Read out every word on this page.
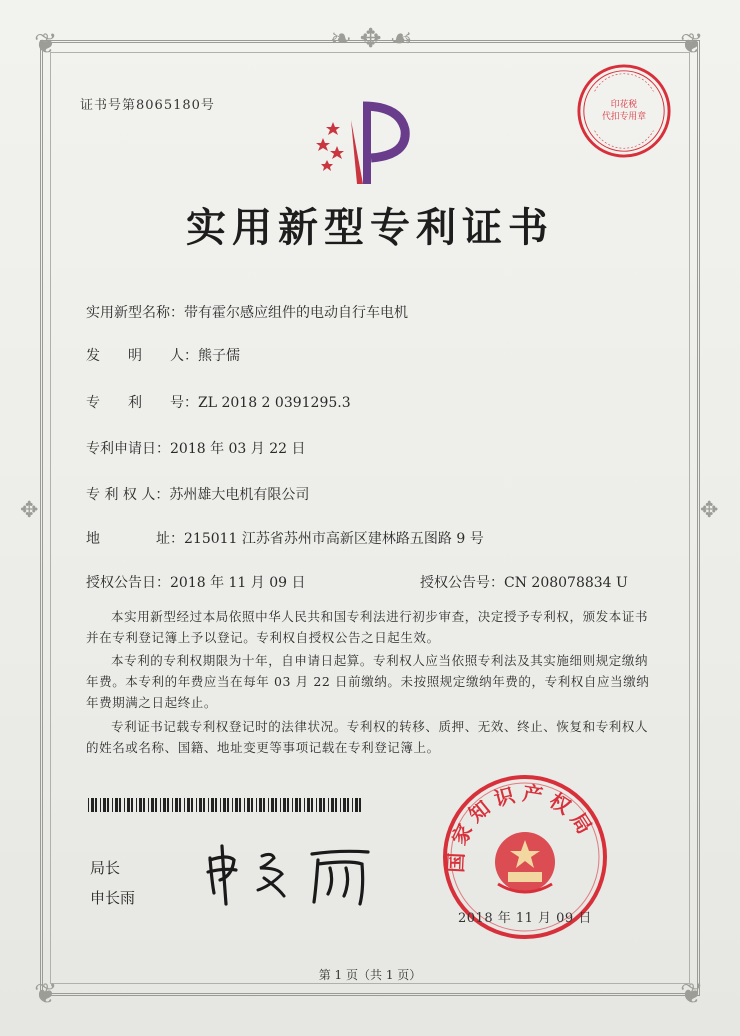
❦	❦
❦	❦
❧✥☙
✥	✥
证书号第8065180号	印花税
代扣专用章
实用新型专利证书
实用新型名称：带有霍尔感应组件的电动自行车电机
发　　明　　人：熊子儒
专　　利　　号：ZL 2018 2 0391295.3
专利申请日：2018 年 03 月 22 日
专 利 权 人：苏州雄大电机有限公司
地　　　　址：215011 江苏省苏州市高新区建林路五图路 9 号
授权公告日：2018 年 11 月 09 日	授权公告号：CN 208078834 U
本实用新型经过本局依照中华人民共和国专利法进行初步审查，决定授予专利权，颁发本证书并在专利登记簿上予以登记。专利权自授权公告之日起生效。
本专利的专利权期限为十年，自申请日起算。专利权人应当依照专利法及其实施细则规定缴纳年费。本专利的年费应当在每年 03 月 22 日前缴纳。未按照规定缴纳年费的，专利权自应当缴纳年费期满之日起终止。
专利证书记载专利权登记时的法律状况。专利权的转移、质押、无效、终止、恢复和专利权人的姓名或名称、国籍、地址变更等事项记载在专利登记簿上。
局长
申长雨
国家知识产权局
2018 年 11 月 09 日
第 1 页（共 1 页）
